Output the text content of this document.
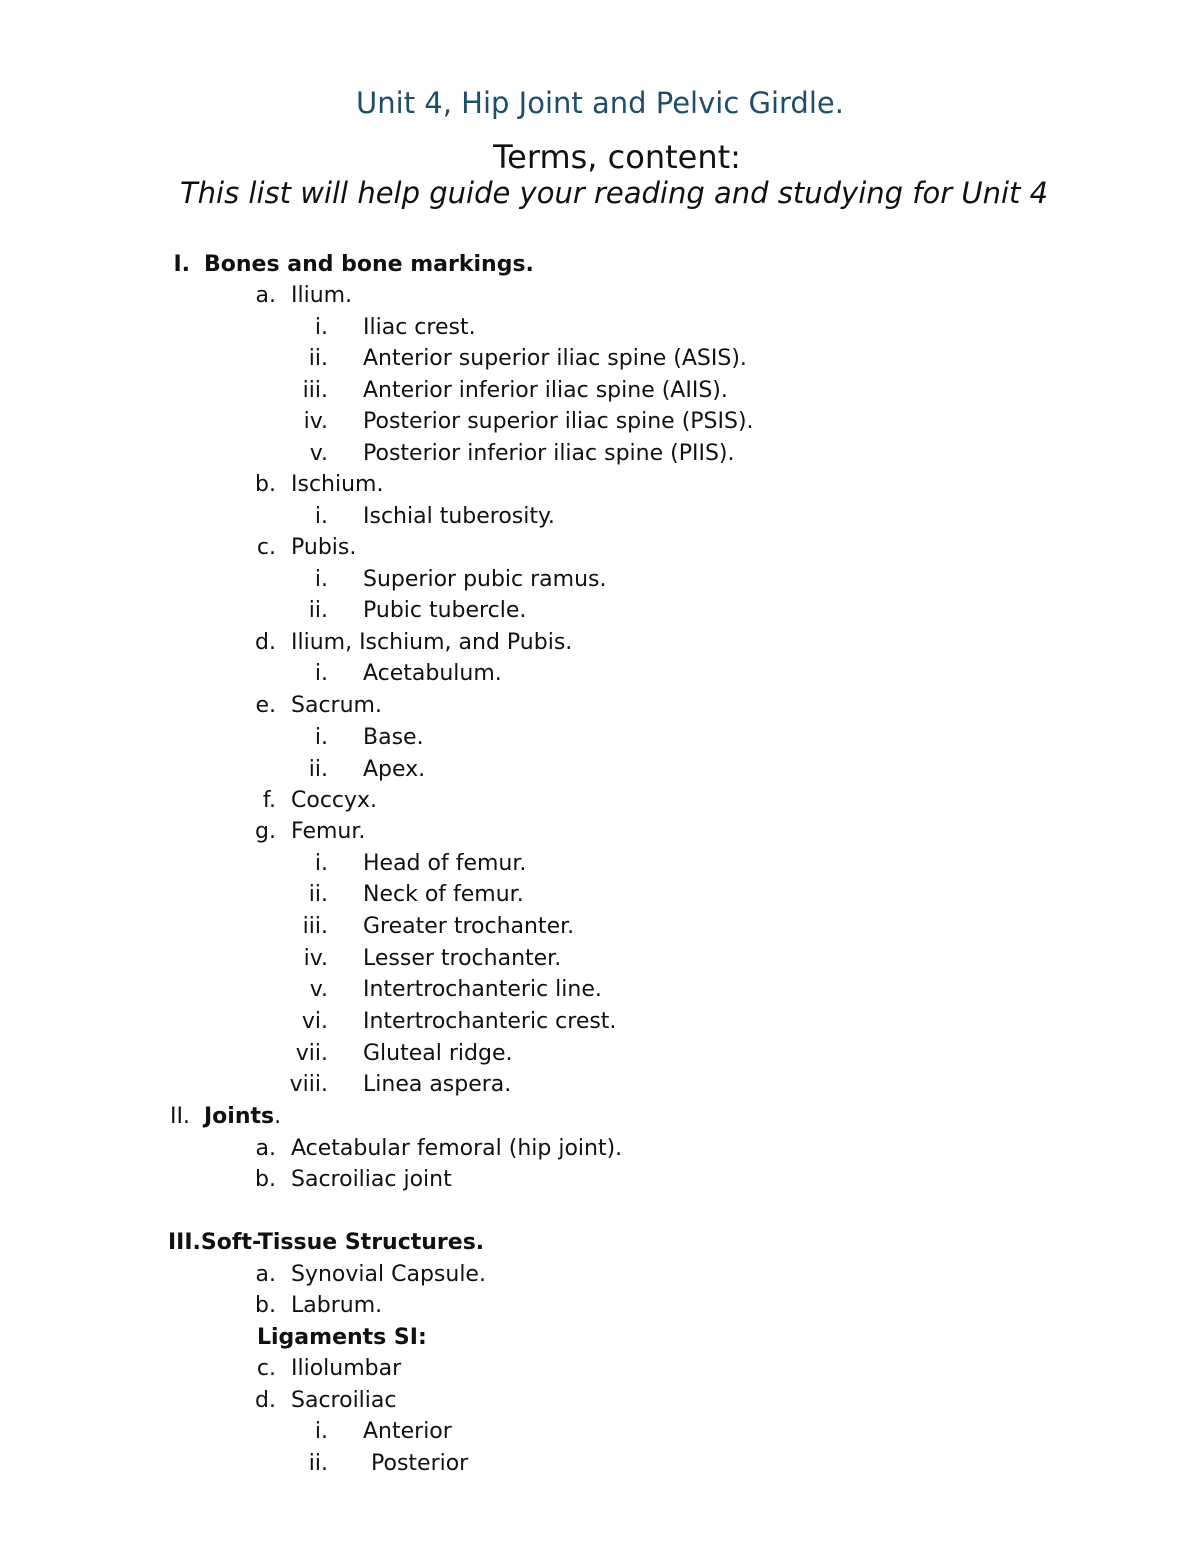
Unit 4, Hip Joint and Pelvic Girdle.
Terms, content:
This list will help guide your reading and studying for Unit 4
I. Bones and bone markings.
a. Ilium.
i. Iliac crest.
ii. Anterior superior iliac spine (ASIS).
iii. Anterior inferior iliac spine (AIIS).
iv. Posterior superior iliac spine (PSIS).
v. Posterior inferior iliac spine (PIIS).
b. Ischium.
i. Ischial tuberosity.
c. Pubis.
i. Superior pubic ramus.
ii. Pubic tubercle.
d. Ilium, Ischium, and Pubis.
i. Acetabulum.
e. Sacrum.
i. Base.
ii. Apex.
f. Coccyx.
g. Femur.
i. Head of femur.
ii. Neck of femur.
iii. Greater trochanter.
iv. Lesser trochanter.
v. Intertrochanteric line.
vi. Intertrochanteric crest.
vii. Gluteal ridge.
viii. Linea aspera.
II. Joints.
a. Acetabular femoral (hip joint).
b. Sacroiliac joint
III.Soft-Tissue Structures.
a. Synovial Capsule.
b. Labrum.
Ligaments SI:
c. Iliolumbar
d. Sacroiliac
i. Anterior
ii. Posterior
